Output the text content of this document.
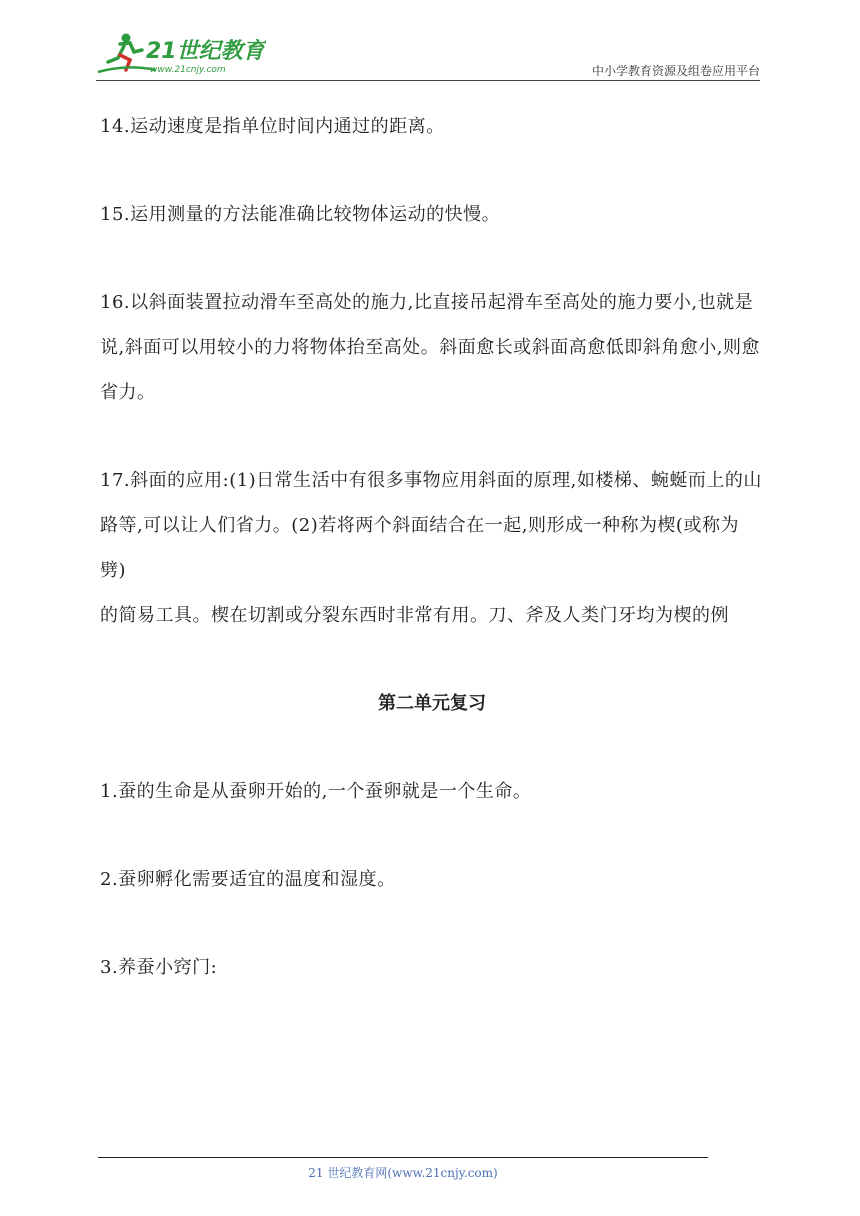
21世纪教育
www.21cnjy.com	中小学教育资源及组卷应用平台

14.运动速度是指单位时间内通过的距离。

15.运用测量的方法能准确比较物体运动的快慢。

16.以斜面装置拉动滑车至高处的施力,比直接吊起滑车至高处的施力要小,也就是说,斜面可以用较小的力将物体抬至高处。斜面愈长或斜面高愈低即斜角愈小,则愈省力。

17.斜面的应用:(1)日常生活中有很多事物应用斜面的原理,如楼梯、蜿蜒而上的山路等,可以让人们省力。(2)若将两个斜面结合在一起,则形成一种称为楔(或称为劈)

的简易工具。楔在切割或分裂东西时非常有用。刀、斧及人类门牙均为楔的例

第二单元复习

1.蚕的生命是从蚕卵开始的,一个蚕卵就是一个生命。

2.蚕卵孵化需要适宜的温度和湿度。

3.养蚕小窍门:

21 世纪教育网(www.21cnjy.com)
